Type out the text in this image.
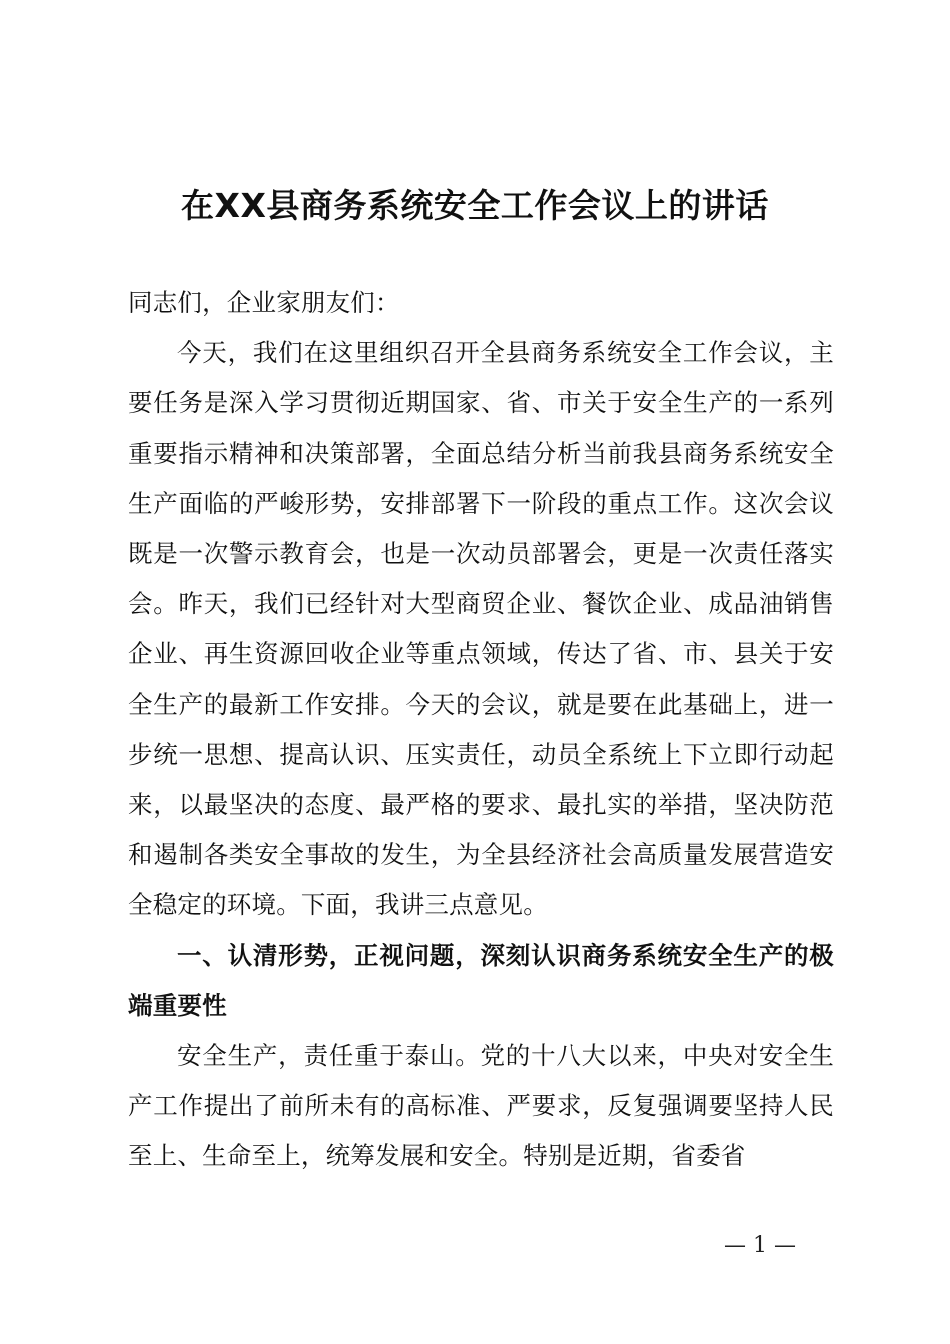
在XX县商务系统安全工作会议上的讲话

同志们，企业家朋友们：

今天，我们在这里组织召开全县商务系统安全工作会议，主要任务是深入学习贯彻近期国家、省、市关于安全生产的一系列重要指示精神和决策部署，全面总结分析当前我县商务系统安全生产面临的严峻形势，安排部署下一阶段的重点工作。这次会议既是一次警示教育会，也是一次动员部署会，更是一次责任落实会。昨天，我们已经针对大型商贸企业、餐饮企业、成品油销售企业、再生资源回收企业等重点领域，传达了省、市、县关于安全生产的最新工作安排。今天的会议，就是要在此基础上，进一步统一思想、提高认识、压实责任，动员全系统上下立即行动起来，以最坚决的态度、最严格的要求、最扎实的举措，坚决防范和遏制各类安全事故的发生，为全县经济社会高质量发展营造安全稳定的环境。下面，我讲三点意见。

一、认清形势，正视问题，深刻认识商务系统安全生产的极端重要性

安全生产，责任重于泰山。党的十八大以来，中央对安全生产工作提出了前所未有的高标准、严要求，反复强调要坚持人民至上、生命至上，统筹发展和安全。特别是近期，省委省

— 1 —
